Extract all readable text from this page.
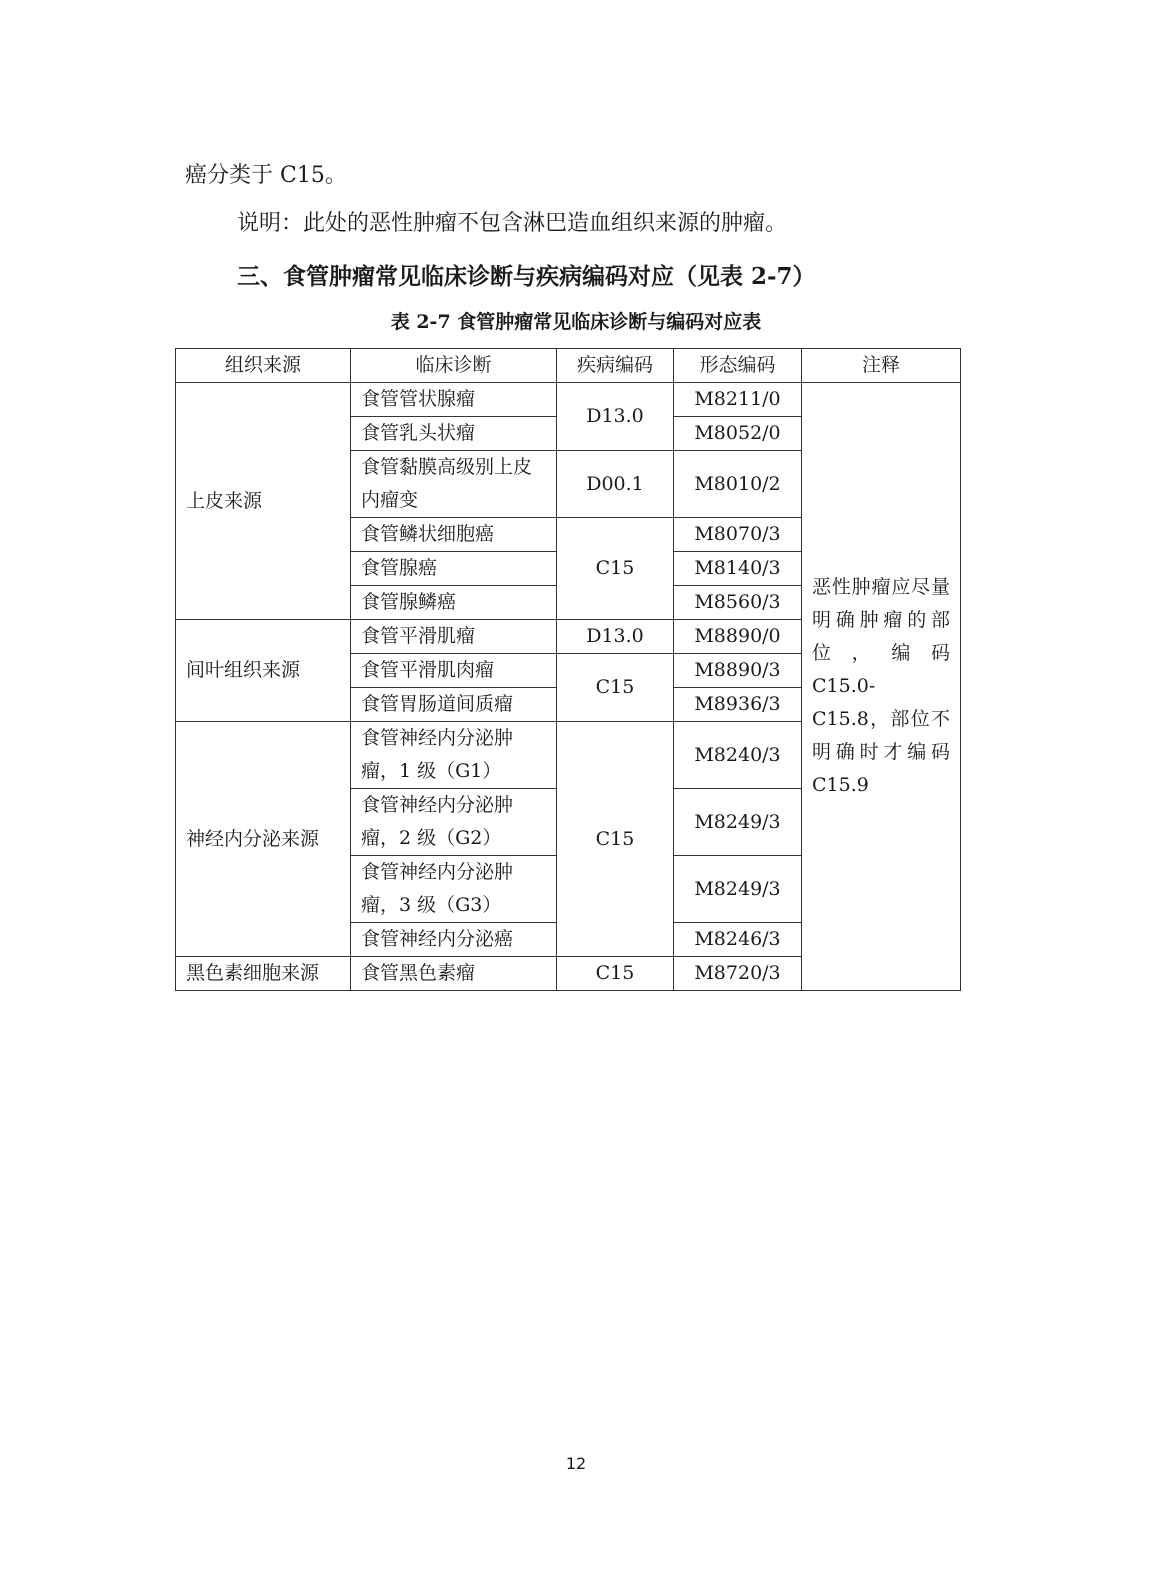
癌分类于 C15。
说明：此处的恶性肿瘤不包含淋巴造血组织来源的肿瘤。
三、食管肿瘤常见临床诊断与疾病编码对应（见表 2-7）
表 2-7 食管肿瘤常见临床诊断与编码对应表
组织来源	临床诊断	疾病编码	形态编码	注释
上皮来源	食管管状腺瘤	D13.0	M8211/0	恶性肿瘤应尽量明确肿瘤的部位，编码 C15.0-C15.8，部位不明确时才编码 C15.9

	食管乳头状瘤		M8052/0	
	食管黏膜高级别上皮内瘤变	D00.1	M8010/2	
	食管鳞状细胞癌	C15	M8070/3	
	食管腺癌		M8140/3	
	食管腺鳞癌		M8560/3	
间叶组织来源	食管平滑肌瘤	D13.0	M8890/0	
	食管平滑肌肉瘤	C15	M8890/3	
	食管胃肠道间质瘤		M8936/3	
神经内分泌来源	食管神经内分泌肿瘤，1 级（G1）	C15	M8240/3	
	食管神经内分泌肿瘤，2 级（G2）		M8249/3	
	食管神经内分泌肿瘤，3 级（G3）		M8249/3	
	食管神经内分泌癌		M8246/3	
黑色素细胞来源	食管黑色素瘤	C15	M8720/3	
12
